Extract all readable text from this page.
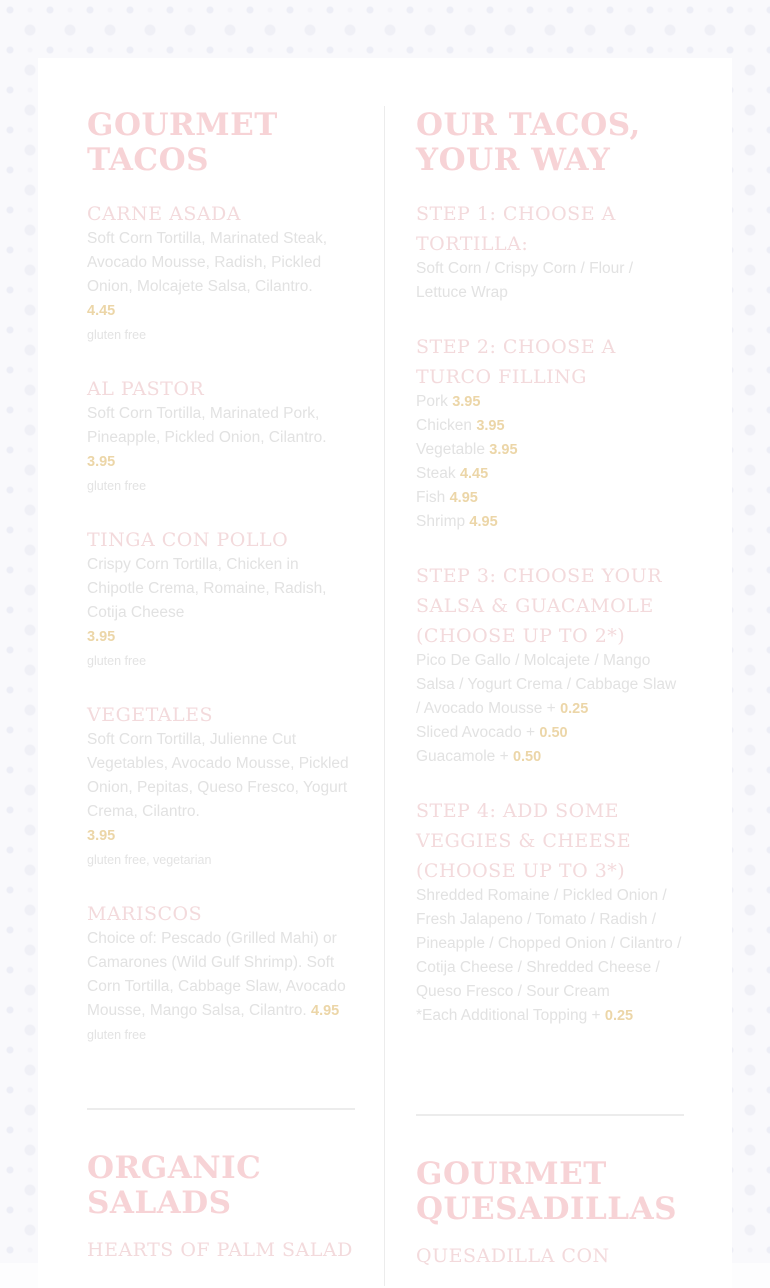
GOURMET TACOS
CARNE ASADA
Soft Corn Tortilla, Marinated Steak, Avocado Mousse, Radish, Pickled Onion, Molcajete Salsa, Cilantro.
4.45
gluten free
AL PASTOR
Soft Corn Tortilla, Marinated Pork, Pineapple, Pickled Onion, Cilantro.
3.95
gluten free
TINGA CON POLLO
Crispy Corn Tortilla, Chicken in Chipotle Crema, Romaine, Radish, Cotija Cheese
3.95
gluten free
VEGETALES
Soft Corn Tortilla, Julienne Cut Vegetables, Avocado Mousse, Pickled Onion, Pepitas, Queso Fresco, Yogurt Crema, Cilantro.
3.95
gluten free, vegetarian
MARISCOS
Choice of: Pescado (Grilled Mahi) or Camarones (Wild Gulf Shrimp). Soft Corn Tortilla, Cabbage Slaw, Avocado Mousse, Mango Salsa, Cilantro. 4.95
gluten free
ORGANIC SALADS
HEARTS OF PALM SALAD
OUR TACOS, YOUR WAY
STEP 1: CHOOSE A TORTILLA:
Soft Corn / Crispy Corn / Flour / Lettuce Wrap
STEP 2: CHOOSE A TURCO FILLING
Pork 3.95
Chicken 3.95
Vegetable 3.95
Steak 4.45
Fish 4.95
Shrimp 4.95
STEP 3: CHOOSE YOUR SALSA & GUACAMOLE (CHOOSE UP TO 2*)
Pico De Gallo / Molcajete / Mango Salsa / Yogurt Crema / Cabbage Slaw / Avocado Mousse + 0.25
Sliced Avocado + 0.50
Guacamole + 0.50
STEP 4: ADD SOME VEGGIES & CHEESE (CHOOSE UP TO 3*)
Shredded Romaine / Pickled Onion / Fresh Jalapeno / Tomato / Radish / Pineapple / Chopped Onion / Cilantro / Cotija Cheese / Shredded Cheese / Queso Fresco / Sour Cream
*Each Additional Topping + 0.25
GOURMET QUESADILLAS
QUESADILLA CON
